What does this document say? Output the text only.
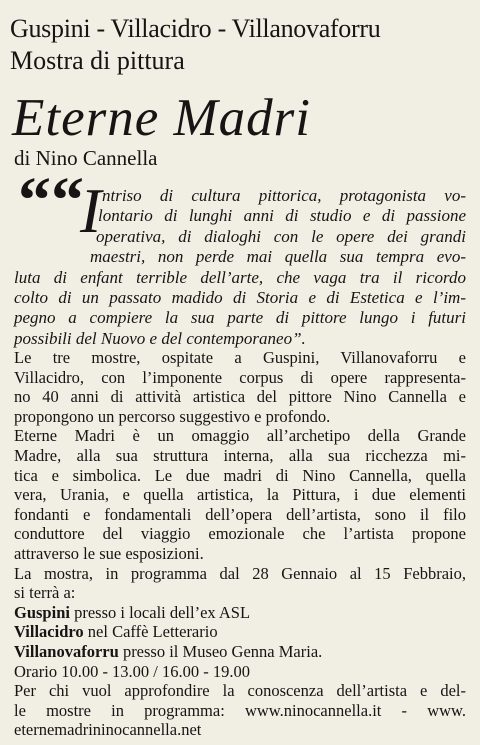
Guspini - Villacidro - Villanovaforru
Mostra di pittura
Eterne Madri
di Nino Cannella
““
I ntriso di cultura pittorica, protagonista vo-
lontario di lunghi anni di studio e di passione
operativa, di dialoghi con le opere dei grandi
maestri, non perde mai quella sua tempra evo-
luta di enfant terrible dell’arte, che vaga tra il ricordo
colto di un passato madido di Storia e di Estetica e l’im-
pegno a compiere la sua parte di pittore lungo i futuri
possibili del Nuovo e del contemporaneo”.
Le tre mostre, ospitate a Guspini, Villanovaforru e
Villacidro, con l’imponente corpus di opere rappresenta-
no 40 anni di attività artistica del pittore Nino Cannella e
propongono un percorso suggestivo e profondo.
Eterne Madri è un omaggio all’archetipo della Grande
Madre, alla sua struttura interna, alla sua ricchezza mi-
tica e simbolica. Le due madri di Nino Cannella, quella
vera, Urania, e quella artistica, la Pittura, i due elementi
fondanti e fondamentali dell’opera dell’artista, sono il filo
conduttore del viaggio emozionale che l’artista propone
attraverso le sue esposizioni.
La mostra, in programma dal 28 Gennaio al 15 Febbraio,
si terrà a:
Guspini presso i locali dell’ex ASL
Villacidro nel Caffè Letterario
Villanovaforru presso il Museo Genna Maria.
Orario 10.00 - 13.00 / 16.00 - 19.00
Per chi vuol approfondire la conoscenza dell’artista e del-
le mostre in programma: www.ninocannella.it - www.
eternemadrininocannella.net
